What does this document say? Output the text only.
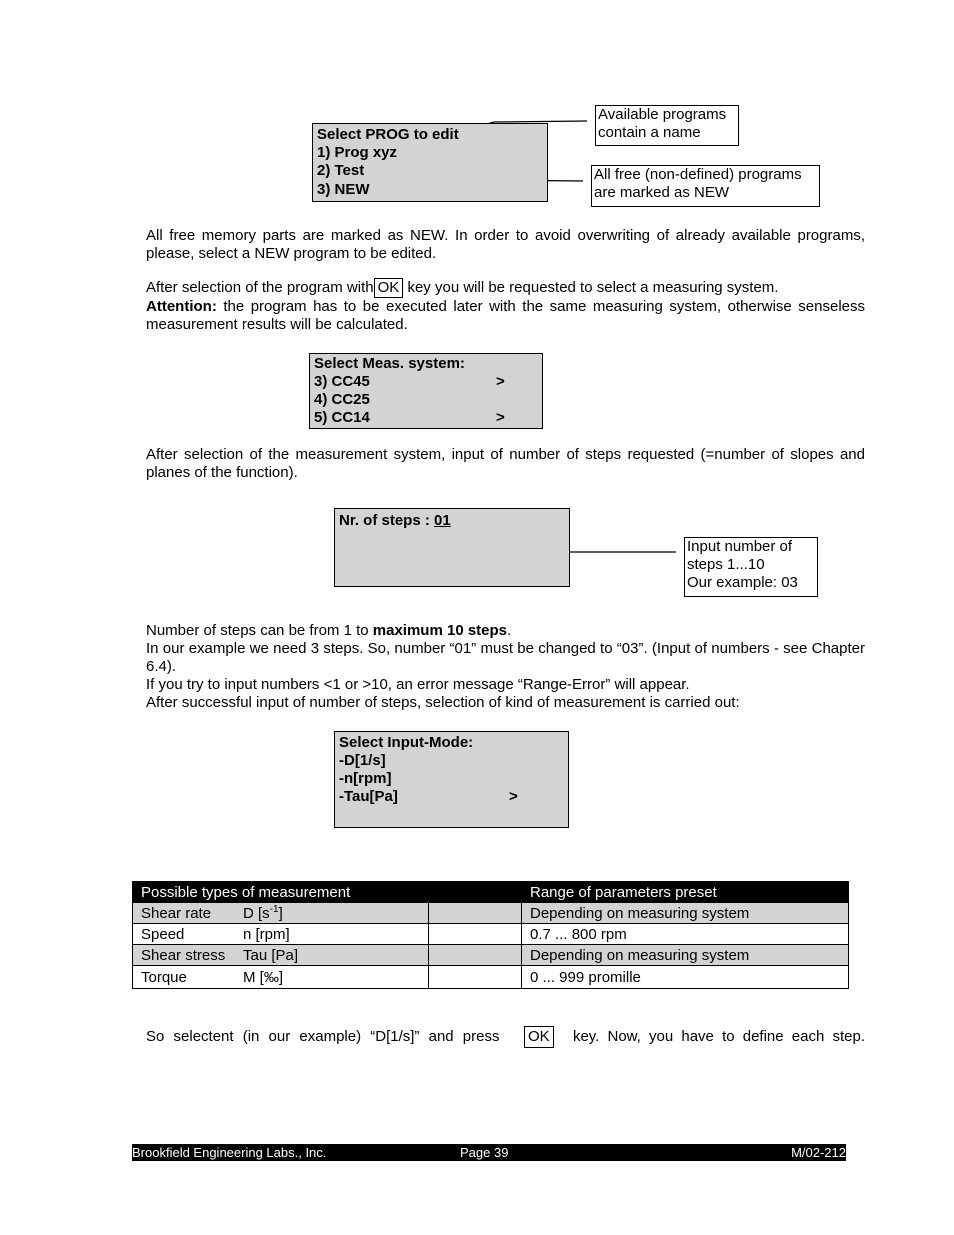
Select PROG to edit
1) Prog xyz
2) Test
3) NEW
Available programs
contain a name
All free (non-defined) programs
are marked as NEW

All free memory parts are marked as NEW. In order to avoid overwriting of already available programs, please, select a NEW program to be edited.

After selection of the program with OK key you will be requested to select a measuring system.

Attention: the program has to be executed later with the same measuring system, otherwise senseless measurement results will be calculated.

Select Meas. system:
3) CC45	>
4) CC25
5) CC14	>

After selection of the measurement system, input of number of steps requested (=number of slopes and planes of the function).

Nr. of steps : 01
Input number of
steps 1...10
Our example: 03

Number of steps can be from 1 to maximum 10 steps.

In our example we need 3 steps. So, number “01” must be changed to “03”. (Input of numbers - see Chapter 6.4).

If you try to input numbers <1 or >10, an error message “Range-Error” will appear.

After successful input of number of steps, selection of kind of measurement is carried out:

Select Input-Mode:
-D[1/s]
-n[rpm]
-Tau[Pa]	>
Possible types of measurement		Range of parameters preset
Shear rate D $[s^{-1}]$		Depending on measuring system
Speed n [rpm]		0.7 ... 800 rpm
Shear stress Tau [Pa]		Depending on measuring system
Torque M [‰]		0 ... 999 promille
So selectent (in our example) “D[1/s]” and press OK key. Now, you have to define each step.
Brookfield Engineering Labs., Inc.	Page 39	M/02-212
